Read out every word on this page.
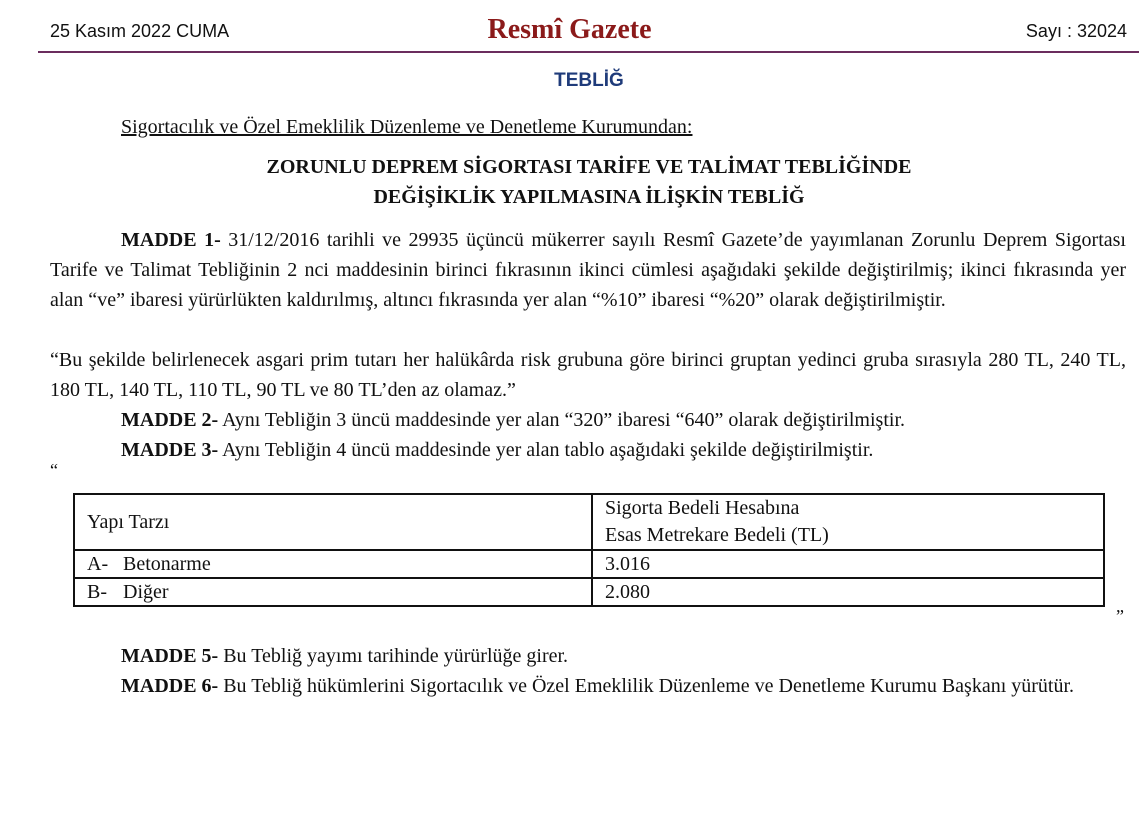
25 Kasım 2022 CUMA	Resmî Gazete	Sayı : 32024
TEBLİĞ
Sigortacılık ve Özel Emeklilik Düzenleme ve Denetleme Kurumundan:
ZORUNLU DEPREM SİGORTASI TARİFE VE TALİMAT TEBLİĞİNDE
DEĞİŞİKLİK YAPILMASINA İLİŞKİN TEBLİĞ

MADDE 1- 31/12/2016 tarihli ve 29935 üçüncü mükerrer sayılı Resmî Gazete’de yayımlanan Zorunlu Deprem Sigortası Tarife ve Talimat Tebliğinin 2 nci maddesinin birinci fıkrasının ikinci cümlesi aşağıdaki şekilde değiştirilmiş; ikinci fıkrasında yer alan “ve” ibaresi yürürlükten kaldırılmış, altıncı fıkrasında yer alan “%10” ibaresi “%20” olarak değiştirilmiştir.

“Bu şekilde belirlenecek asgari prim tutarı her halükârda risk grubuna göre birinci gruptan yedinci gruba sırasıyla 280 TL, 240 TL, 180 TL, 140 TL, 110 TL, 90 TL ve 80 TL’den az olamaz.”

MADDE 2- Aynı Tebliğin 3 üncü maddesinde yer alan “320” ibaresi “640” olarak değiştirilmiştir.

MADDE 3- Aynı Tebliğin 4 üncü maddesinde yer alan tablo aşağıdaki şekilde değiştirilmiştir.

“
Yapı Tarzı	Sigorta Bedeli Hesabına
Esas Metrekare Bedeli (TL)

A- Betonarme	3.016
B- Diğer	2.080
”

MADDE 5- Bu Tebliğ yayımı tarihinde yürürlüğe girer.

MADDE 6- Bu Tebliğ hükümlerini Sigortacılık ve Özel Emeklilik Düzenleme ve Denetleme Kurumu Başkanı yürütür.
